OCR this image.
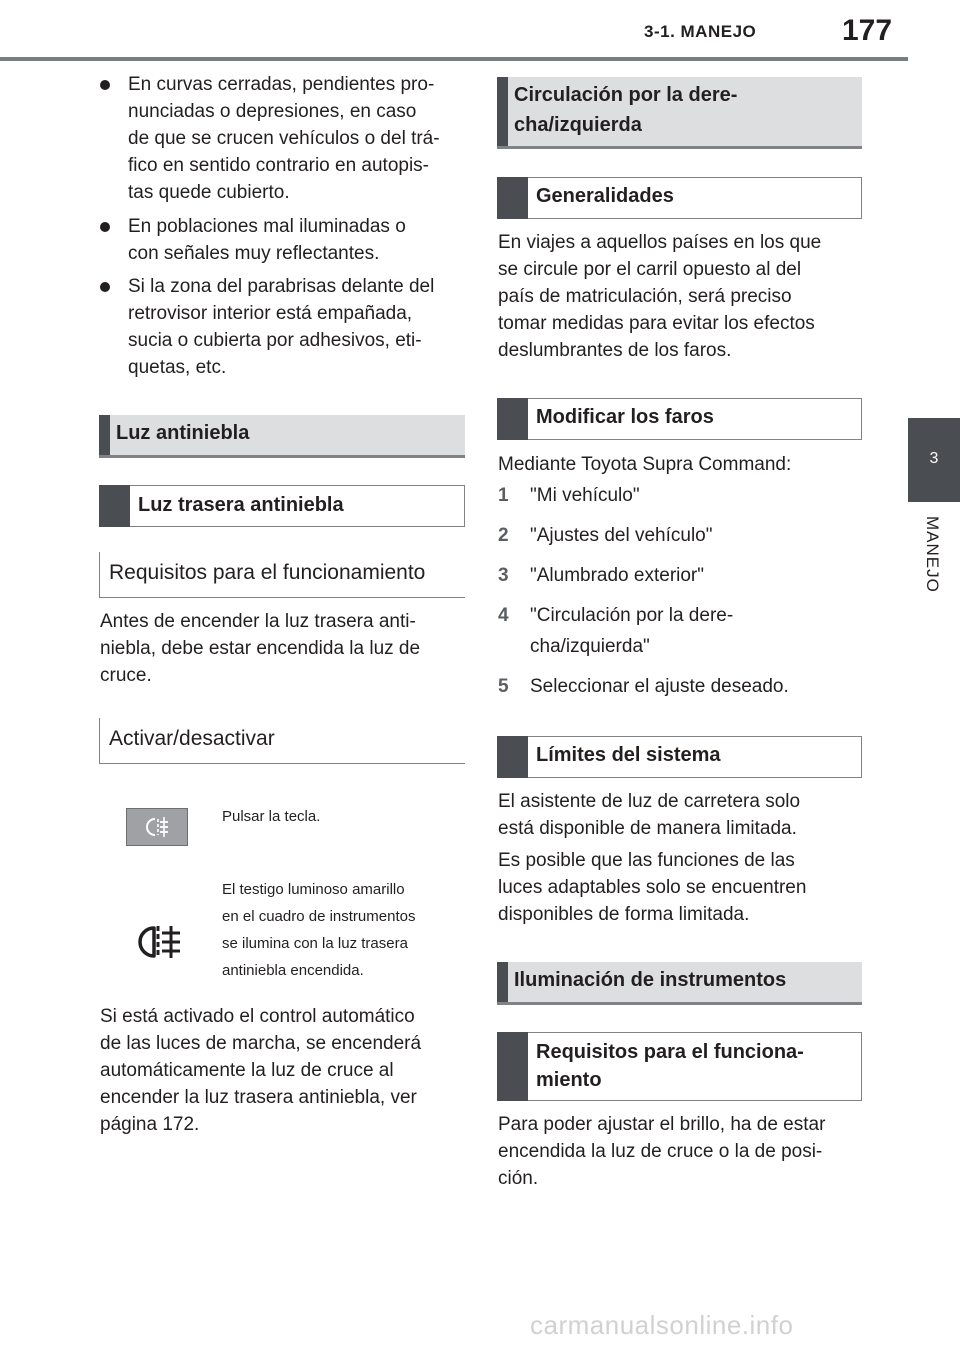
3-1. MANEJO	177
3
MANEJO
En curvas cerradas, pendientes pro-
nunciadas o depresiones, en caso
de que se crucen vehículos o del trá-
fico en sentido contrario en autopis-
tas quede cubierto.
En poblaciones mal iluminadas o
con señales muy reflectantes.
Si la zona del parabrisas delante del
retrovisor interior está empañada,
sucia o cubierta por adhesivos, eti-
quetas, etc.
Luz antiniebla
Luz trasera antiniebla
Requisitos para el funcionamiento
Antes de encender la luz trasera anti-
niebla, debe estar encendida la luz de
cruce.
Activar/desactivar
Pulsar la tecla.
El testigo luminoso amarillo
en el cuadro de instrumentos
se ilumina con la luz trasera
antiniebla encendida.
Si está activado el control automático
de las luces de marcha, se encenderá
automáticamente la luz de cruce al
encender la luz trasera antiniebla, ver
página 172.
Circulación por la dere-
cha/izquierda
Generalidades
En viajes a aquellos países en los que
se circule por el carril opuesto al del
país de matriculación, será preciso
tomar medidas para evitar los efectos
deslumbrantes de los faros.
Modificar los faros
Mediante Toyota Supra Command:
1 "Mi vehículo"
2 "Ajustes del vehículo"
3 "Alumbrado exterior"
4 "Circulación por la dere-
cha/izquierda"
5 Seleccionar el ajuste deseado.
Límites del sistema
El asistente de luz de carretera solo
está disponible de manera limitada.
Es posible que las funciones de las
luces adaptables solo se encuentren
disponibles de forma limitada.
Iluminación de instrumentos
Requisitos para el funciona-
miento
Para poder ajustar el brillo, ha de estar
encendida la luz de cruce o la de posi-
ción.
carmanualsonline.info
